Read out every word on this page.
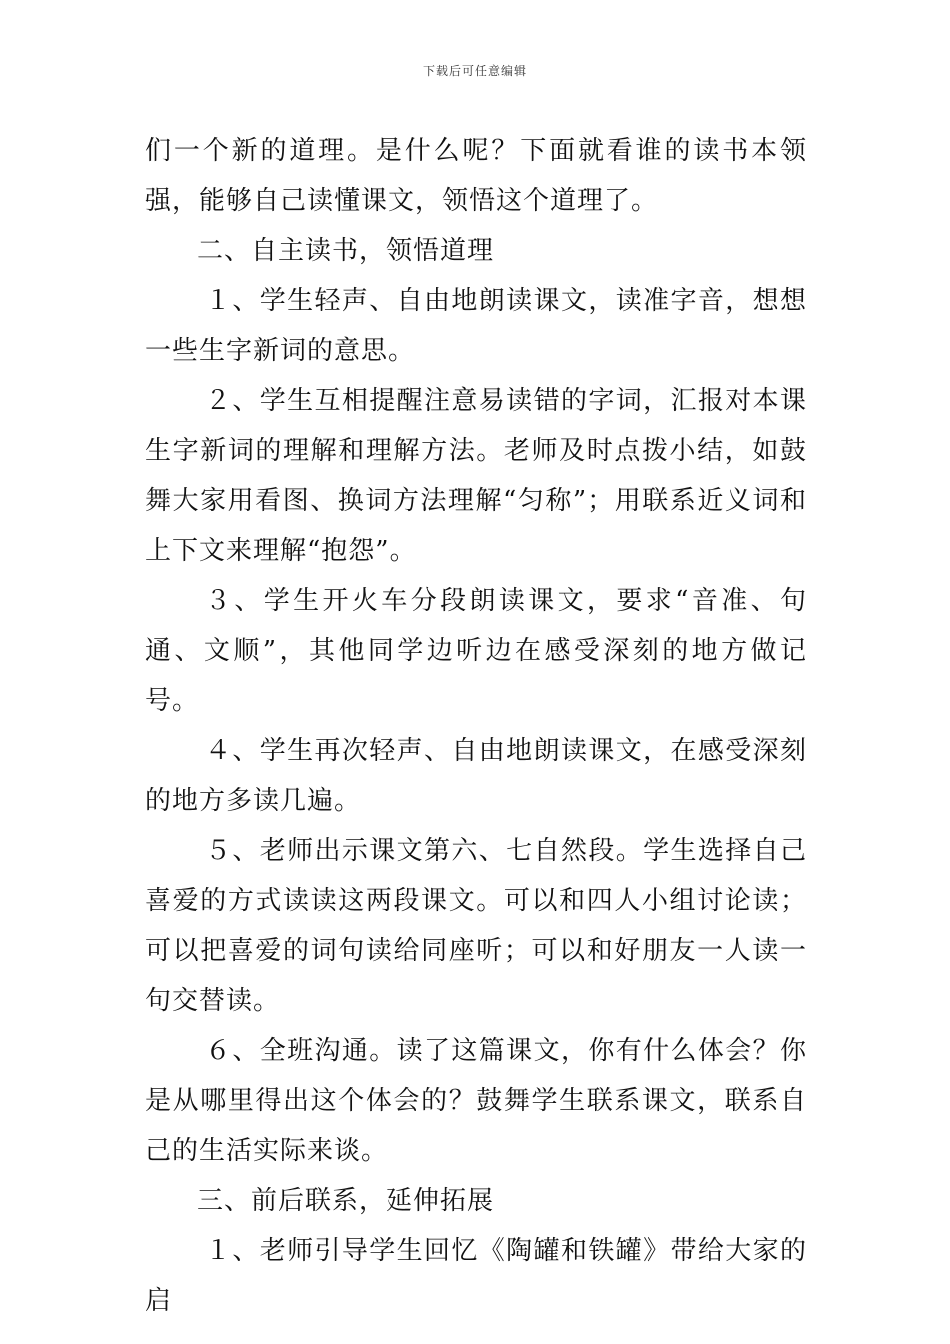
下载后可任意编辑

们一个新的道理。是什么呢？下面就看谁的读书本领强，能够自己读懂课文，领悟这个道理了。

二、自主读书，领悟道理

１、学生轻声、自由地朗读课文，读准字音，想想一些生字新词的意思。

２、学生互相提醒注意易读错的字词，汇报对本课生字新词的理解和理解方法。老师及时点拨小结，如鼓舞大家用看图、换词方法理解“匀称”；用联系近义词和上下文来理解“抱怨”。

３、学生开火车分段朗读课文，要求“音准、句通、文顺”，其他同学边听边在感受深刻的地方做记号。

４、学生再次轻声、自由地朗读课文，在感受深刻的地方多读几遍。

５、老师出示课文第六、七自然段。学生选择自己喜爱的方式读读这两段课文。可以和四人小组讨论读；可以把喜爱的词句读给同座听；可以和好朋友一人读一句交替读。

６、全班沟通。读了这篇课文，你有什么体会？你是从哪里得出这个体会的？鼓舞学生联系课文，联系自己的生活实际来谈。

三、前后联系，延伸拓展

１、老师引导学生回忆《陶罐和铁罐》带给大家的启
